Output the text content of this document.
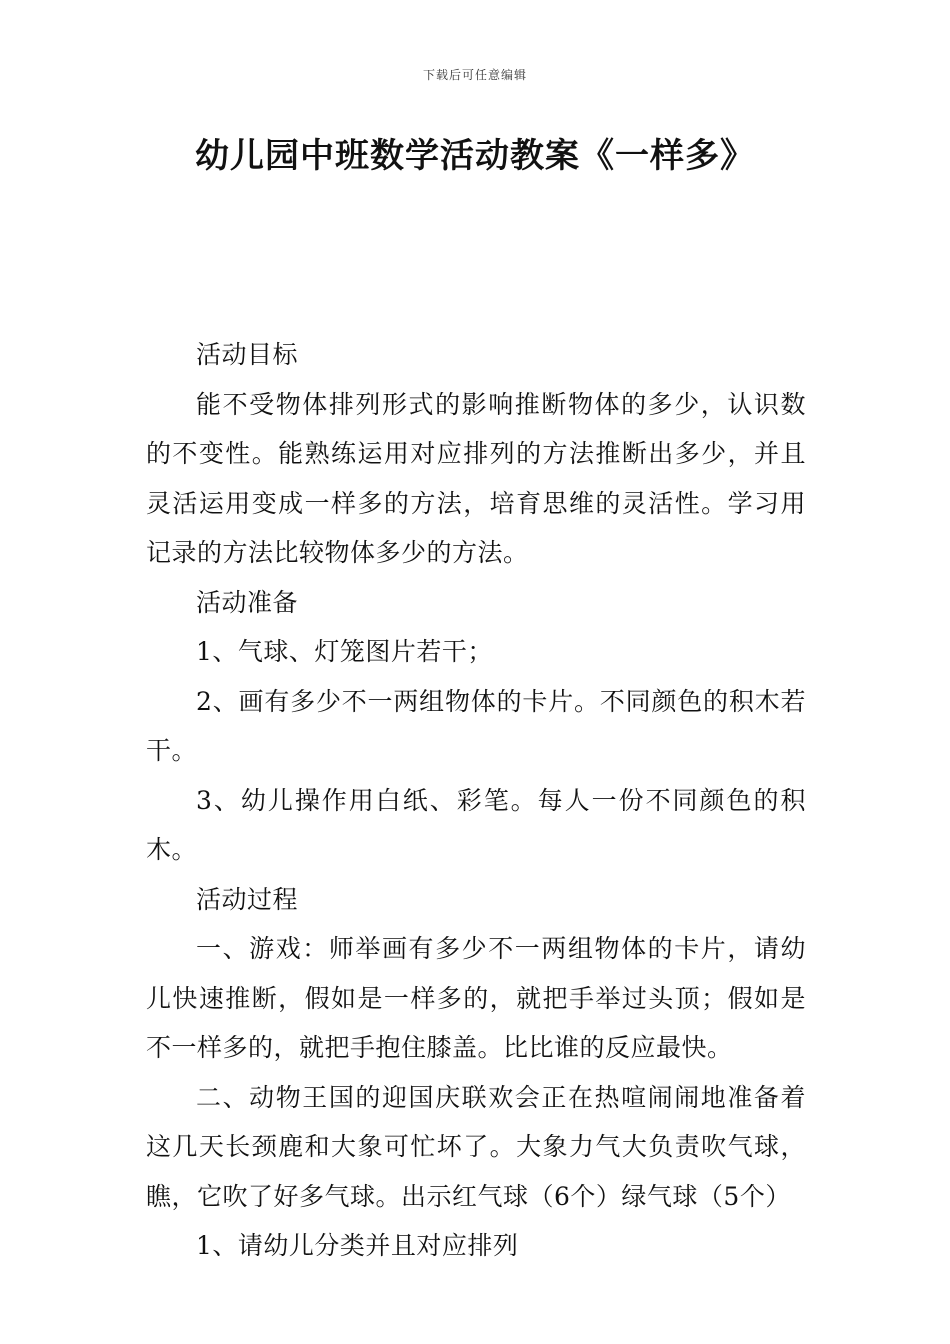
下载后可任意编辑
幼儿园中班数学活动教案《一样多》

活动目标

能不受物体排列形式的影响推断物体的多少，认识数的不变性。能熟练运用对应排列的方法推断出多少，并且灵活运用变成一样多的方法，培育思维的灵活性。学习用记录的方法比较物体多少的方法。

活动准备

1、气球、灯笼图片若干；

2、画有多少不一两组物体的卡片。不同颜色的积木若干。

3、幼儿操作用白纸、彩笔。每人一份不同颜色的积木。

活动过程

一、游戏：师举画有多少不一两组物体的卡片，请幼儿快速推断，假如是一样多的，就把手举过头顶；假如是不一样多的，就把手抱住膝盖。比比谁的反应最快。

二、动物王国的迎国庆联欢会正在热喧闹闹地准备着这几天长颈鹿和大象可忙坏了。大象力气大负责吹气球，瞧，它吹了好多气球。出示红气球（6个）绿气球（5个）

1、请幼儿分类并且对应排列
